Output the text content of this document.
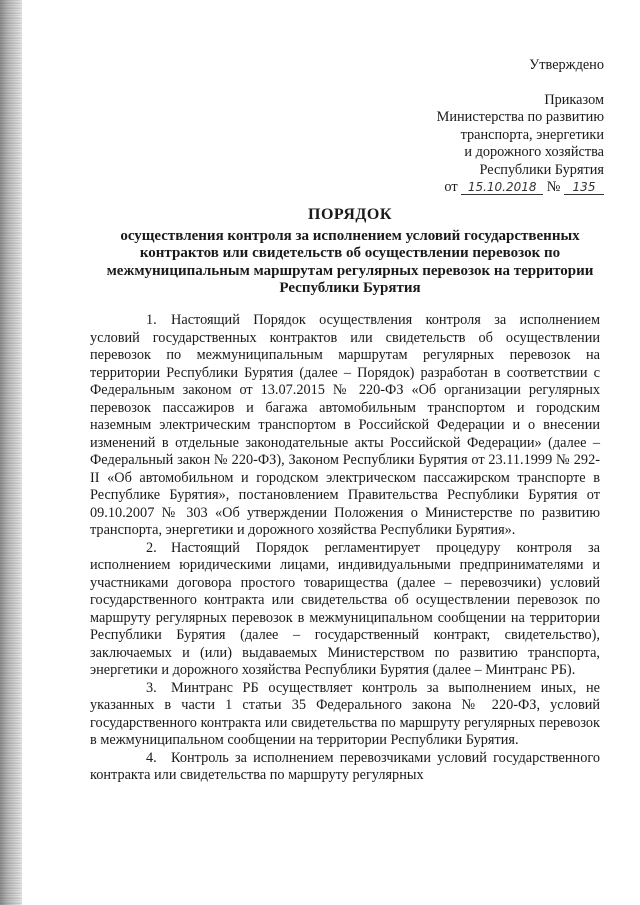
Утверждено
Приказом
Министерства по развитию
транспорта, энергетики
и дорожного хозяйства
Республики Бурятия
от 15.10.2018 № 135
ПОРЯДОК
осуществления контроля за исполнением условий государственных контрактов или свидетельств об осуществлении перевозок по межмуниципальным маршрутам регулярных перевозок на территории Республики Бурятия

1. Настоящий Порядок осуществления контроля за исполнением условий государственных контрактов или свидетельств об осуществлении перевозок по межмуниципальным маршрутам регулярных перевозок на территории Республики Бурятия (далее – Порядок) разработан в соответствии с Федеральным законом от 13.07.2015 № 220-ФЗ «Об организации регулярных перевозок пассажиров и багажа автомобильным транспортом и городским наземным электрическим транспортом в Российской Федерации и о внесении изменений в отдельные законодательные акты Российской Федерации» (далее – Федеральный закон № 220-ФЗ), Законом Республики Бурятия от 23.11.1999 № 292-II «Об автомобильном и городском электрическом пассажирском транспорте в Республике Бурятия», постановлением Правительства Республики Бурятия от 09.10.2007 № 303 «Об утверждении Положения о Министерстве по развитию транспорта, энергетики и дорожного хозяйства Республики Бурятия».

2. Настоящий Порядок регламентирует процедуру контроля за исполнением юридическими лицами, индивидуальными предпринимателями и участниками договора простого товарищества (далее – перевозчики) условий государственного контракта или свидетельства об осуществлении перевозок по маршруту регулярных перевозок в межмуниципальном сообщении на территории Республики Бурятия (далее – государственный контракт, свидетельство), заключаемых и (или) выдаваемых Министерством по развитию транспорта, энергетики и дорожного хозяйства Республики Бурятия (далее – Минтранс РБ).

3. Минтранс РБ осуществляет контроль за выполнением иных, не указанных в части 1 статьи 35 Федерального закона № 220-ФЗ, условий государственного контракта или свидетельства по маршруту регулярных перевозок в межмуниципальном сообщении на территории Республики Бурятия.

4. Контроль за исполнением перевозчиками условий государственного контракта или свидетельства по маршруту регулярных
